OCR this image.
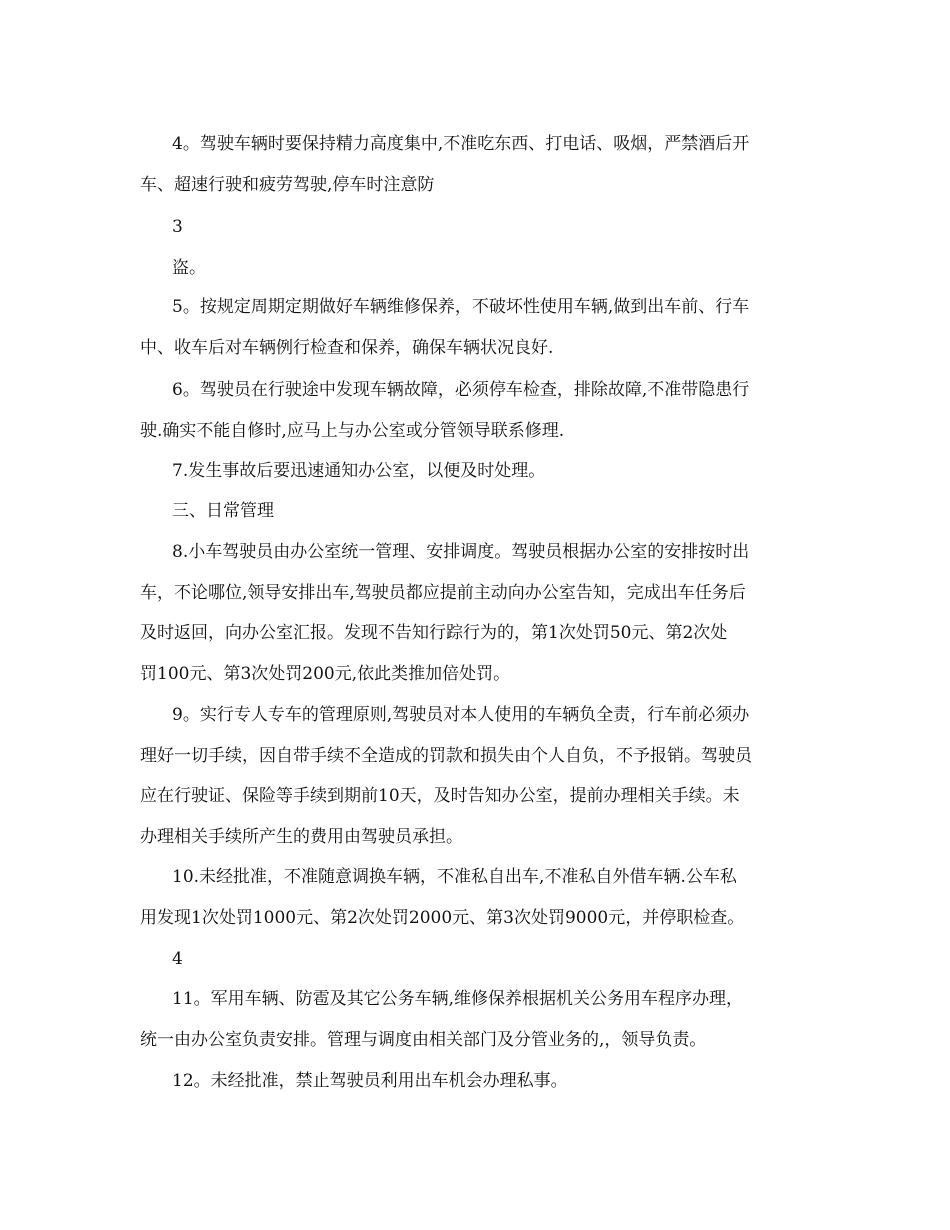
4。驾驶车辆时要保持精力高度集中,不准吃东西、打电话、吸烟，严禁酒后开
车、超速行驶和疲劳驾驶,停车时注意防
3
盗。
5。按规定周期定期做好车辆维修保养，不破坏性使用车辆,做到出车前、行车
中、收车后对车辆例行检查和保养，确保车辆状况良好.
6。驾驶员在行驶途中发现车辆故障，必须停车检查，排除故障,不准带隐患行
驶.确实不能自修时,应马上与办公室或分管领导联系修理.
7.发生事故后要迅速通知办公室，以便及时处理。
三、日常管理
8.小车驾驶员由办公室统一管理、安排调度。驾驶员根据办公室的安排按时出
车，不论哪位,领导安排出车,驾驶员都应提前主动向办公室告知，完成出车任务后
及时返回，向办公室汇报。发现不告知行踪行为的，第1次处罚50元、第2次处
罚100元、第3次处罚200元,依此类推加倍处罚。
9。实行专人专车的管理原则,驾驶员对本人使用的车辆负全责，行车前必须办
理好一切手续，因自带手续不全造成的罚款和损失由个人自负，不予报销。驾驶员
应在行驶证、保险等手续到期前10天，及时告知办公室，提前办理相关手续。未
办理相关手续所产生的费用由驾驶员承担。
10.未经批准，不准随意调换车辆，不准私自出车,不准私自外借车辆.公车私
用发现1次处罚1000元、第2次处罚2000元、第3次处罚9000元，并停职检查。
4
11。军用车辆、防雹及其它公务车辆,维修保养根据机关公务用车程序办理，
统一由办公室负责安排。管理与调度由相关部门及分管业务的,，领导负责。
12。未经批准，禁止驾驶员利用出车机会办理私事。
